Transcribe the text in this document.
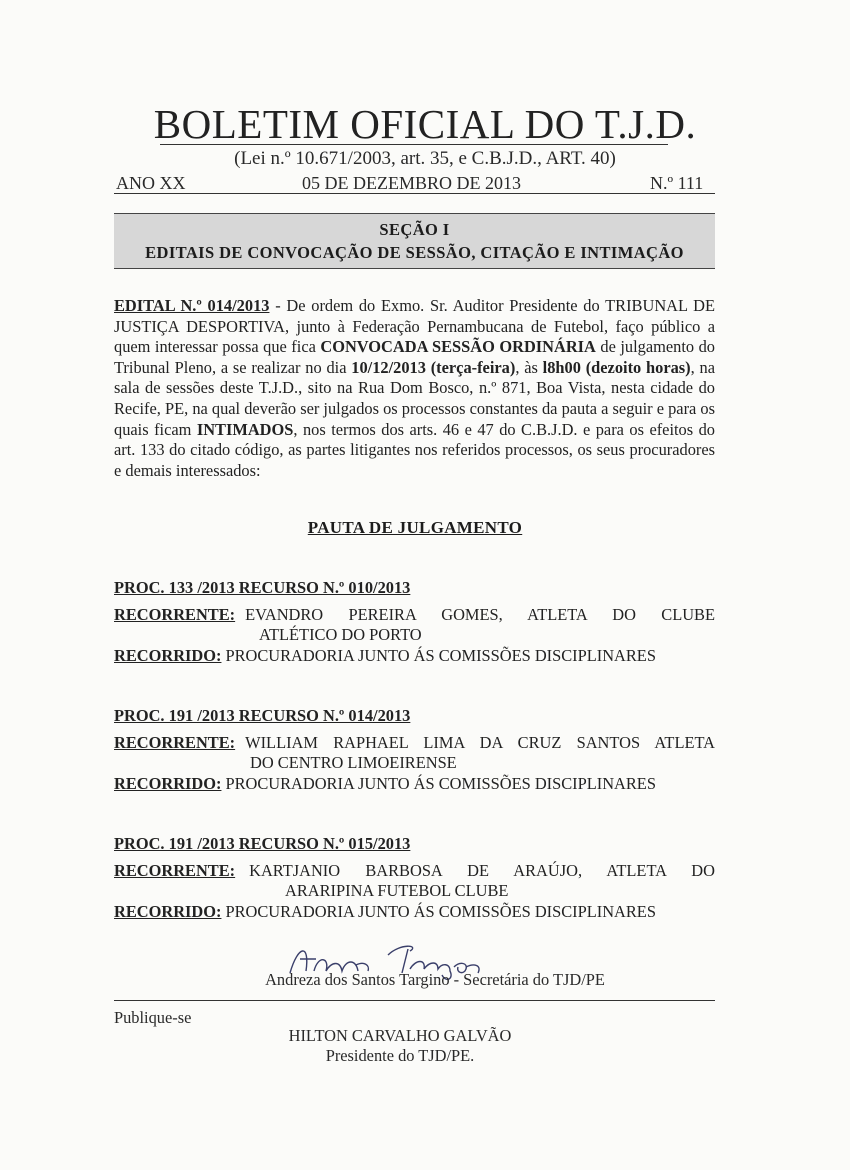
BOLETIM OFICIAL DO T.J.D.
(Lei n.º 10.671/2003, art. 35, e C.B.J.D., ART. 40)
ANO XX	05 DE DEZEMBRO DE 2013	N.º 111
SEÇÃO I
EDITAIS DE CONVOCAÇÃO DE SESSÃO, CITAÇÃO E INTIMAÇÃO
EDITAL N.º 014/2013 - De ordem do Exmo. Sr. Auditor Presidente do TRIBUNAL DE JUSTIÇA DESPORTIVA, junto à Federação Pernambucana de Futebol, faço público a quem interessar possa que fica CONVOCADA SESSÃO ORDINÁRIA de julgamento do Tribunal Pleno, a se realizar no dia 10/12/2013 (terça-feira), às l8h00 (dezoito horas), na sala de sessões deste T.J.D., sito na Rua Dom Bosco, n.º 871, Boa Vista, nesta cidade do Recife, PE, na qual deverão ser julgados os processos constantes da pauta a seguir e para os quais ficam INTIMADOS, nos termos dos arts. 46 e 47 do C.B.J.D. e para os efeitos do art. 133 do citado código, as partes litigantes nos referidos processos, os seus procuradores e demais interessados:
PAUTA DE JULGAMENTO
PROC. 133 /2013 RECURSO N.º 010/2013
RECORRENTE: EVANDRO PEREIRA GOMES, ATLETA DO CLUBE
ATLÉTICO DO PORTO
RECORRIDO: PROCURADORIA JUNTO ÁS COMISSÕES DISCIPLINARES
PROC. 191 /2013 RECURSO N.º 014/2013
RECORRENTE: WILLIAM RAPHAEL LIMA DA CRUZ SANTOS ATLETA
DO CENTRO LIMOEIRENSE
RECORRIDO: PROCURADORIA JUNTO ÁS COMISSÕES DISCIPLINARES
PROC. 191 /2013 RECURSO N.º 015/2013
RECORRENTE: KARTJANIO BARBOSA DE ARAÚJO, ATLETA DO
ARARIPINA FUTEBOL CLUBE
RECORRIDO: PROCURADORIA JUNTO ÁS COMISSÕES DISCIPLINARES
Andreza dos Santos Targino - Secretária do TJD/PE
Publique-se
HILTON CARVALHO GALVÃO
Presidente do TJD/PE.
